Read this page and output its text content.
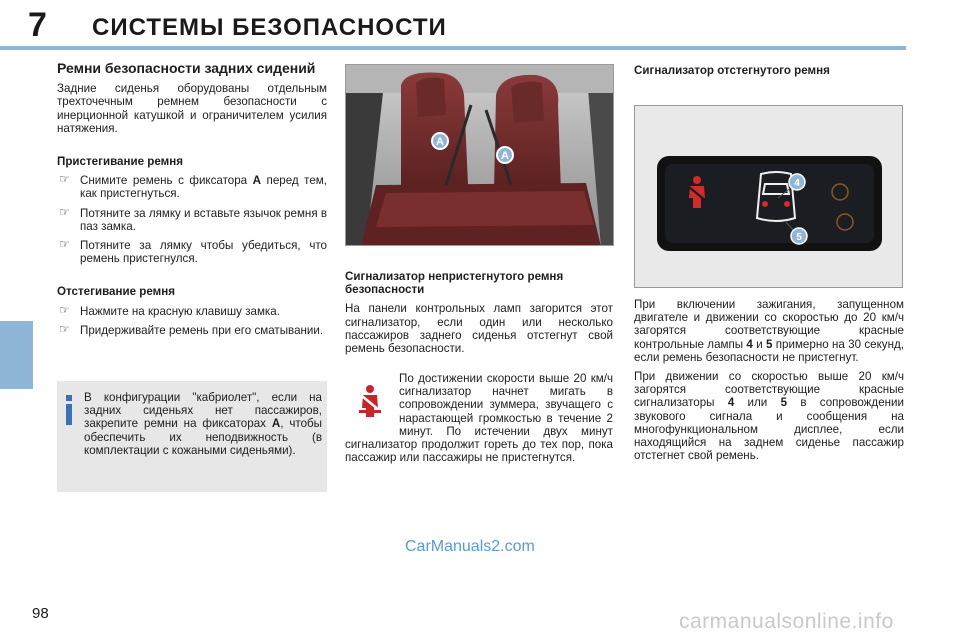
7 СИСТЕМЫ БЕЗОПАСНОСТИ
Ремни безопасности задних сидений

Задние сиденья оборудованы отдельным трехточечным ремнем безопасности с инерционной катушкой и ограничителем усилия натяжения.

Пристегивание ремня
☞ Снимите ремень с фиксатора A перед тем, как пристегнуться.
☞ Потяните за лямку и вставьте язычок ремня в паз замка.
☞ Потяните за лямку чтобы убедиться, что ремень пристегнулся.
Отстегивание ремня
☞ Нажмите на красную клавишу замка.
☞ Придерживайте ремень при его сматывании.
В конфигурации "кабриолет", если на задних сиденьях нет пассажиров, закрепите ремни на фиксаторах A, чтобы обеспечить их неподвижность (в комплектации с кожаными сиденьями).
A
A
Сигнализатор непристегнутого ремня безопасности

На панели контрольных ламп загорится этот сигнализатор, если один или несколько пассажиров заднего сиденья отстегнут свой ремень безопасности.

По достижении скорости выше 20 км/ч сигнализатор начнет мигать в сопровождении зуммера, звучащего с нарастающей громкостью в течение 2 минут. По истечении двух минут сигнализатор продолжит гореть до тех пор, пока пассажир или пассажиры не пристегнутся.

Сигнализатор отстегнутого ремня
4
5

При включении зажигания, запущенном двигателе и движении со скоростью до 20 км/ч загорятся соответствующие красные контрольные лампы 4 и 5 примерно на 30 секунд, если ремень безопасности не пристегнут.

При движении со скоростью выше 20 км/ч загорятся соответствующие красные сигнализаторы 4 или 5 в сопровождении звукового сигнала и сообщения на многофункциональном дисплее, если находящийся на заднем сиденье пассажир отстегнет свой ремень.

CarManuals2.com
98	carmanualsonline.info
